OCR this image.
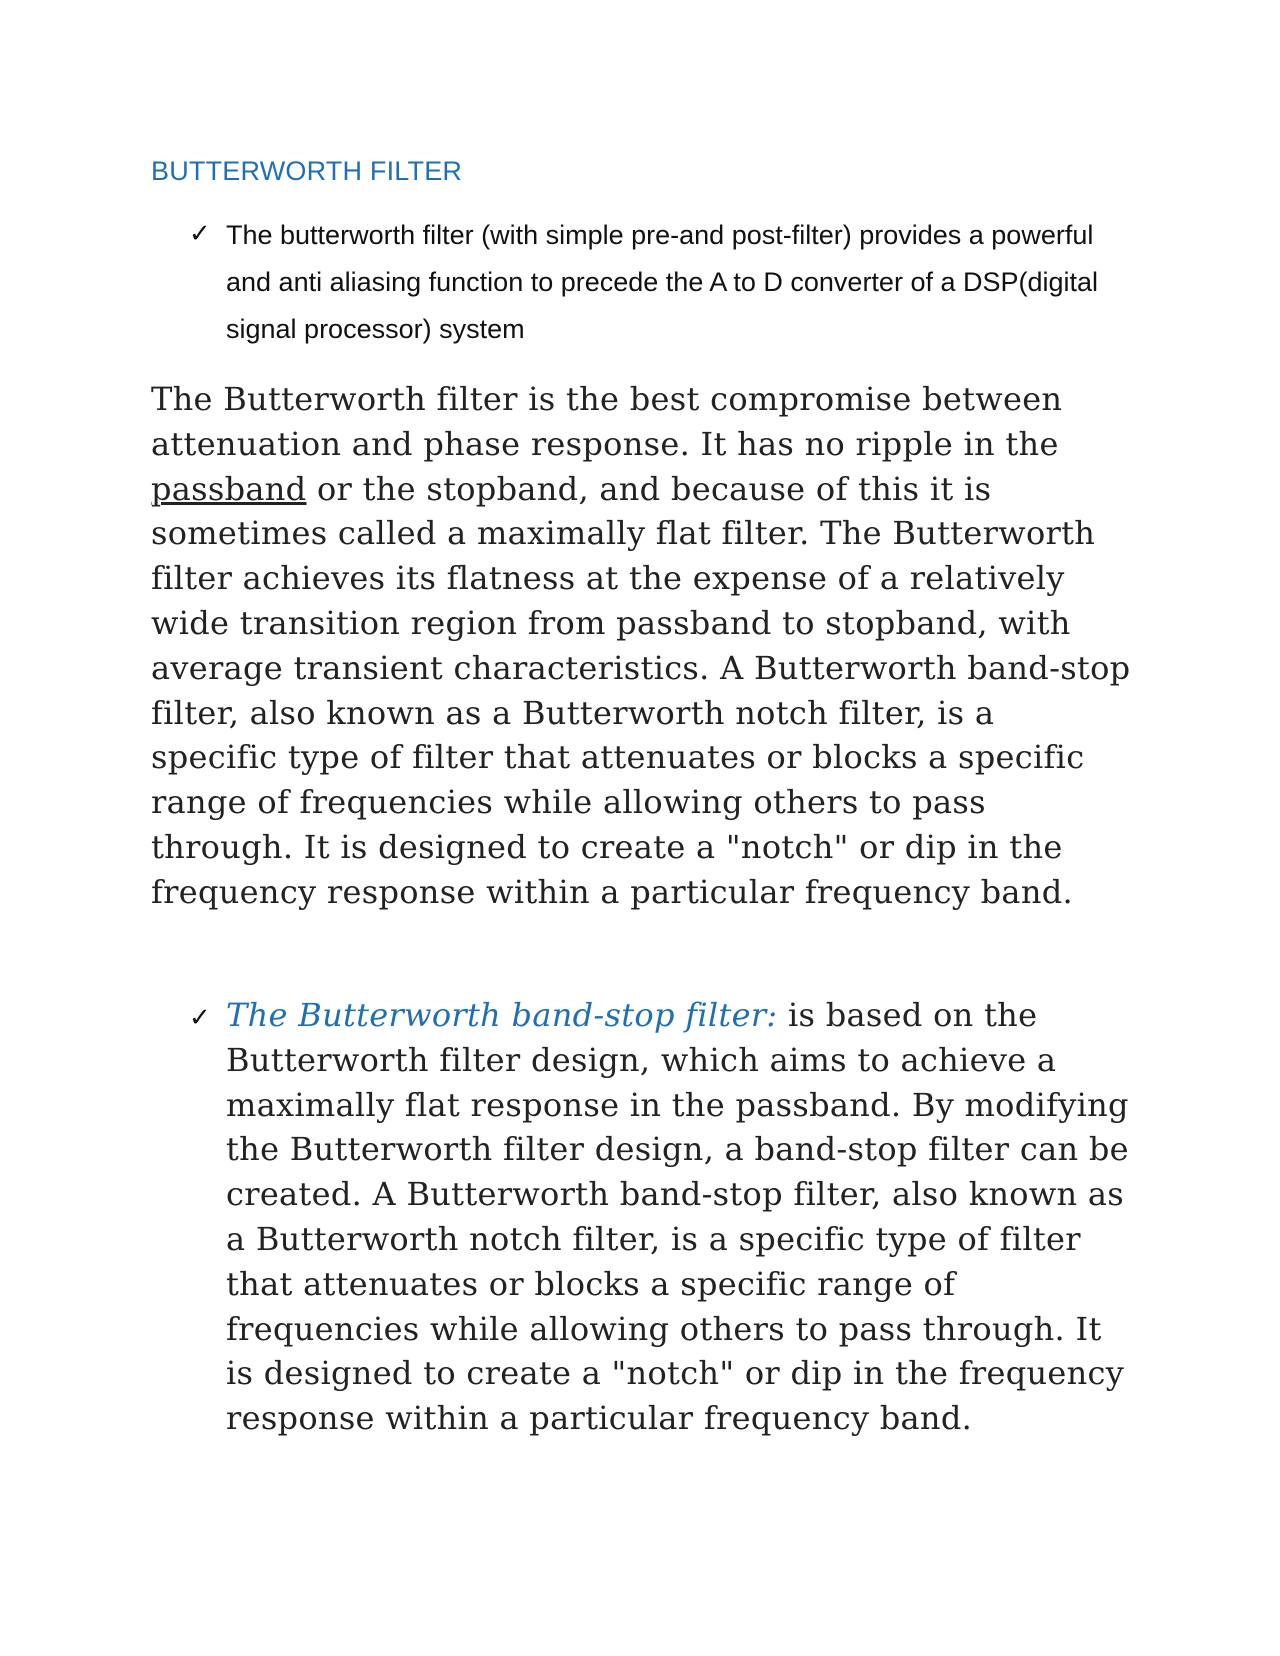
BUTTERWORTH FILTER
✓ The butterworth filter (with simple pre-and post-filter) provides a powerful and anti aliasing function to precede the A to D converter of a DSP(digital signal processor) system

The Butterworth filter is the best compromise between attenuation and phase response. It has no ripple in the passband or the stopband, and because of this it is sometimes called a maximally flat filter. The Butterworth filter achieves its flatness at the expense of a relatively wide transition region from passband to stopband, with average transient characteristics. A Butterworth band-stop filter, also known as a Butterworth notch filter, is a specific type of filter that attenuates or blocks a specific range of frequencies while allowing others to pass through. It is designed to create a "notch" or dip in the frequency response within a particular frequency band.

✓ The Butterworth band-stop filter: is based on the Butterworth filter design, which aims to achieve a maximally flat response in the passband. By modifying the Butterworth filter design, a band-stop filter can be created. A Butterworth band-stop filter, also known as a Butterworth notch filter, is a specific type of filter that attenuates or blocks a specific range of frequencies while allowing others to pass through. It is designed to create a "notch" or dip in the frequency response within a particular frequency band.
